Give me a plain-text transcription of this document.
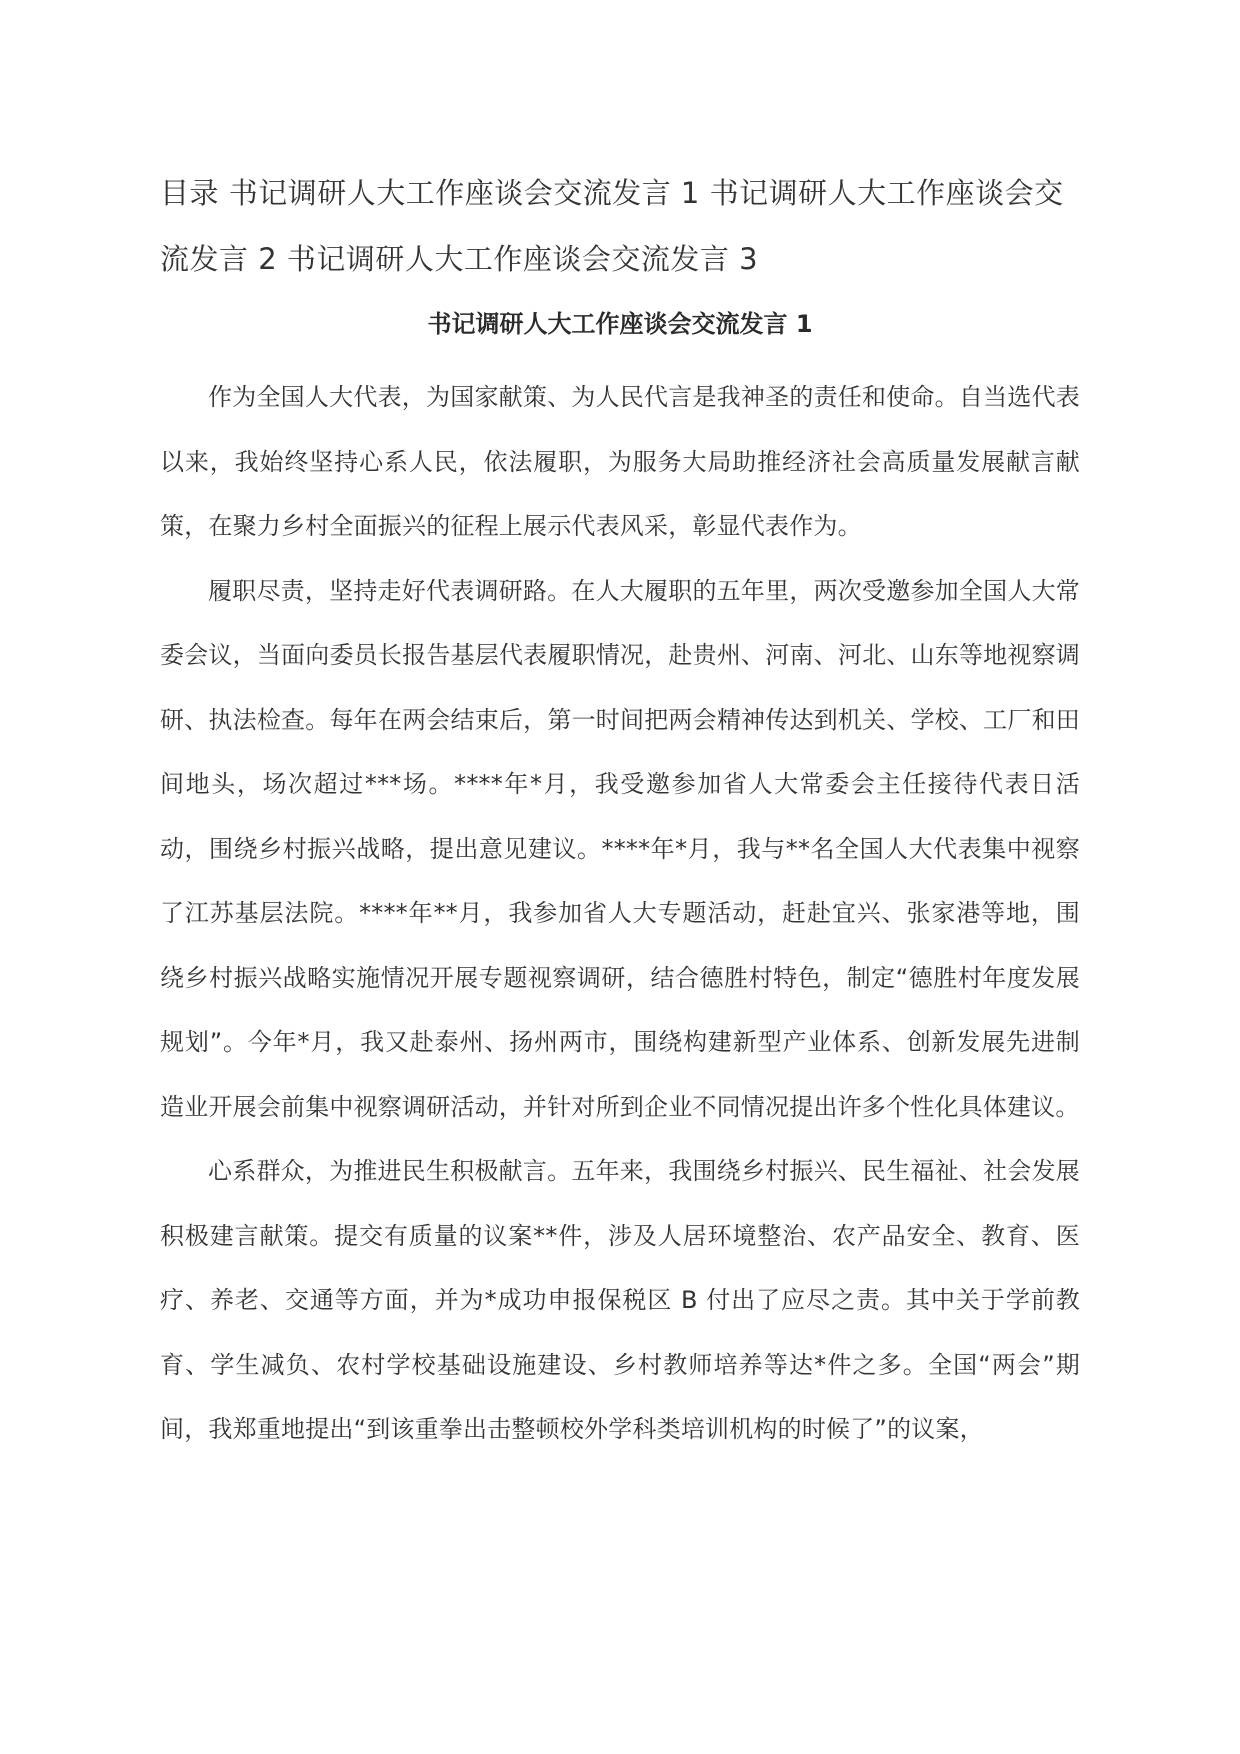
目录 书记调研人大工作座谈会交流发言 1 书记调研人大工作座谈会交流发言 2 书记调研人大工作座谈会交流发言 3

书记调研人大工作座谈会交流发言 1

作为全国人大代表，为国家献策、为人民代言是我神圣的责任和使命。自当选代表以来，我始终坚持心系人民，依法履职，为服务大局助推经济社会高质量发展献言献策，在聚力乡村全面振兴的征程上展示代表风采，彰显代表作为。

履职尽责，坚持走好代表调研路。在人大履职的五年里，两次受邀参加全国人大常委会议，当面向委员长报告基层代表履职情况，赴贵州、河南、河北、山东等地视察调研、执法检查。每年在两会结束后，第一时间把两会精神传达到机关、学校、工厂和田间地头，场次超过***场。****年*月，我受邀参加省人大常委会主任接待代表日活动，围绕乡村振兴战略，提出意见建议。****年*月，我与**名全国人大代表集中视察了江苏基层法院。****年**月，我参加省人大专题活动，赶赴宜兴、张家港等地，围绕乡村振兴战略实施情况开展专题视察调研，结合德胜村特色，制定“德胜村年度发展规划”。今年*月，我又赴泰州、扬州两市，围绕构建新型产业体系、创新发展先进制造业开展会前集中视察调研活动，并针对所到企业不同情况提出许多个性化具体建议。

心系群众，为推进民生积极献言。五年来，我围绕乡村振兴、民生福祉、社会发展积极建言献策。提交有质量的议案**件，涉及人居环境整治、农产品安全、教育、医疗、养老、交通等方面，并为*成功申报保税区 B 付出了应尽之责。其中关于学前教育、学生减负、农村学校基础设施建设、乡村教师培养等达*件之多。全国“两会”期间，我郑重地提出“到该重拳出击整顿校外学科类培训机构的时候了”的议案，
